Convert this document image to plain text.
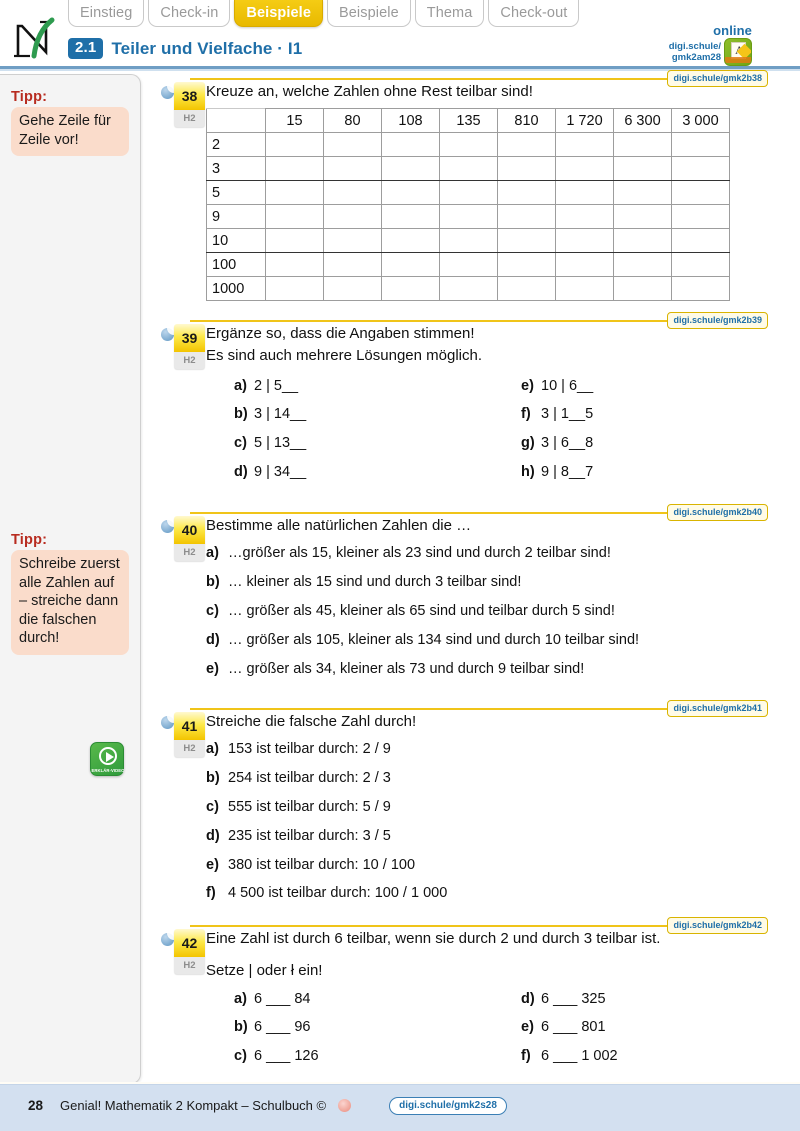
Einstieg	Check-in	Beispiele	Beispiele	Thema	Check-out
2.1 Teiler und Vielfache · I1
online
digi.schule/
gmk2am28
A
Tipp:
Gehe Zeile für Zeile vor!
Tipp:
Schreibe zuerst alle Zahlen auf – streiche dann die falschen durch!
ERKLÄR-VIDEO
digi.schule/gmk2b38
38
H2
Kreuze an, welche Zahlen ohne Rest teilbar sind!
	15	80	108	135	810	1 720	6 300	3 000
2								
3								
5								
9								
10								
100								
1000								
digi.schule/gmk2b39
39
H2
Ergänze so, dass die Angaben stimmen!
Es sind auch mehrere Lösungen möglich.
a) 2 | 5__
b) 3 | 14__
c) 5 | 13__
d) 9 | 34__
e) 10 | 6__
f) 3 | 1__5
g) 3 | 6__8
h) 9 | 8__7
digi.schule/gmk2b40
40
H2
Bestimme alle natürlichen Zahlen die …
a) …größer als 15, kleiner als 23 sind und durch 2 teilbar sind!
b) … kleiner als 15 sind und durch 3 teilbar sind!
c) … größer als 45, kleiner als 65 sind und teilbar durch 5 sind!
d) … größer als 105, kleiner als 134 sind und durch 10 teilbar sind!
e) … größer als 34, kleiner als 73 und durch 9 teilbar sind!
digi.schule/gmk2b41
41
H2
Streiche die falsche Zahl durch!
a) 153 ist teilbar durch: 2 / 9
b) 254 ist teilbar durch: 2 / 3
c) 555 ist teilbar durch: 5 / 9
d) 235 ist teilbar durch: 3 / 5
e) 380 ist teilbar durch: 10 / 100
f) 4 500 ist teilbar durch: 100 / 1 000
digi.schule/gmk2b42
42
H2
Eine Zahl ist durch 6 teilbar, wenn sie durch 2 und durch 3 teilbar ist.
Setze | oder ł ein!
a) 6 ___ 84
b) 6 ___ 96
c) 6 ___ 126
d) 6 ___ 325
e) 6 ___ 801
f) 6 ___ 1 002
28	Genial! Mathematik 2 Kompakt – Schulbuch ©	digi.schule/gmk2s28
